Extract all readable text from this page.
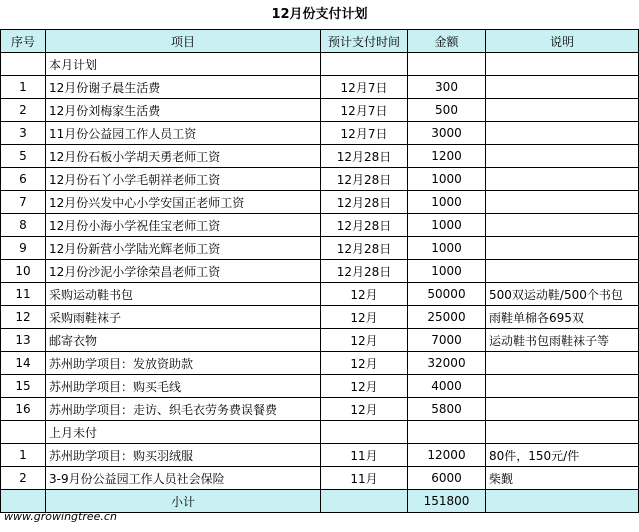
12月份支付计划
序号	项目	预计支付时间	金额	说明
	本月计划			
1	12月份谢子晨生活费	12月7日	300	
2	12月份刘梅家生活费	12月7日	500	
3	11月份公益园工作人员工资	12月7日	3000	
5	12月份石板小学胡天勇老师工资	12月28日	1200	
6	12月份石丫小学毛朝祥老师工资	12月28日	1000	
7	12月份兴发中心小学安国正老师工资	12月28日	1000	
8	12月份小海小学祝佳宝老师工资	12月28日	1000	
9	12月份新营小学陆光辉老师工资	12月28日	1000	
10	12月份沙泥小学徐荣昌老师工资	12月28日	1000	
11	采购运动鞋书包	12月	50000	500双运动鞋/500个书包
12	采购雨鞋袜子	12月	25000	雨鞋单棉各695双
13	邮寄衣物	12月	7000	运动鞋书包雨鞋袜子等
14	苏州助学项目：发放资助款	12月	32000	
15	苏州助学项目：购买毛线	12月	4000	
16	苏州助学项目：走访、织毛衣劳务费误餐费	12月	5800	
	上月未付			
1	苏州助学项目：购买羽绒服	11月	12000	80件，150元/件
2	3-9月份公益园工作人员社会保险	11月	6000	柴觐
	小计		151800	
www.growingtree.cn
